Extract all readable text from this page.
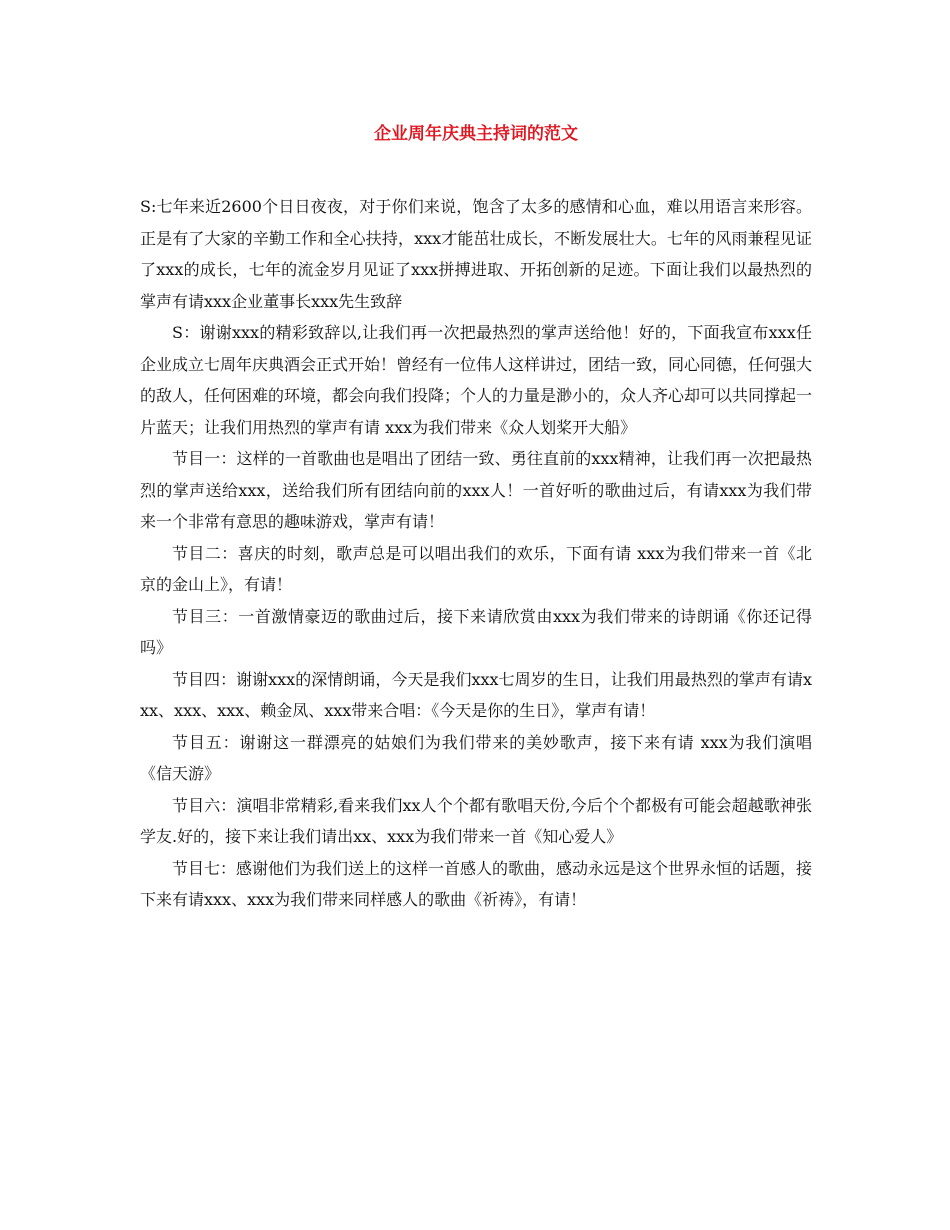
企业周年庆典主持词的范文

S:七年来近2600个日日夜夜，对于你们来说，饱含了太多的感情和心血，难以用语言来形容。正是有了大家的辛勤工作和全心扶持，xxx才能茁壮成长，不断发展壮大。七年的风雨兼程见证了xxx的成长，七年的流金岁月见证了xxx拼搏进取、开拓创新的足迹。下面让我们以最热烈的掌声有请xxx企业董事长xxx先生致辞

S：谢谢xxx的精彩致辞以,让我们再一次把最热烈的掌声送给他！好的，下面我宣布xxx任企业成立七周年庆典酒会正式开始！曾经有一位伟人这样讲过，团结一致，同心同德，任何强大的敌人，任何困难的环境，都会向我们投降；个人的力量是渺小的，众人齐心却可以共同撑起一片蓝天；让我们用热烈的掌声有请 xxx为我们带来《众人划桨开大船》

节目一：这样的一首歌曲也是唱出了团结一致、勇往直前的xxx精神，让我们再一次把最热烈的掌声送给xxx，送给我们所有团结向前的xxx人！一首好听的歌曲过后，有请xxx为我们带来一个非常有意思的趣味游戏，掌声有请！

节目二：喜庆的时刻，歌声总是可以唱出我们的欢乐，下面有请 xxx为我们带来一首《北京的金山上》，有请！

节目三：一首激情豪迈的歌曲过后，接下来请欣赏由xxx为我们带来的诗朗诵《你还记得吗》

节目四：谢谢xxx的深情朗诵，今天是我们xxx七周岁的生日，让我们用最热烈的掌声有请xxx、xxx、xxx、赖金凤、xxx带来合唱：《今天是你的生日》，掌声有请！

节目五：谢谢这一群漂亮的姑娘们为我们带来的美妙歌声，接下来有请 xxx为我们演唱《信天游》

节目六：演唱非常精彩,看来我们xx人个个都有歌唱天份,今后个个都极有可能会超越歌神张学友.好的，接下来让我们请出xx、xxx为我们带来一首《知心爱人》

节目七：感谢他们为我们送上的这样一首感人的歌曲，感动永远是这个世界永恒的话题，接下来有请xxx、xxx为我们带来同样感人的歌曲《祈祷》，有请！
